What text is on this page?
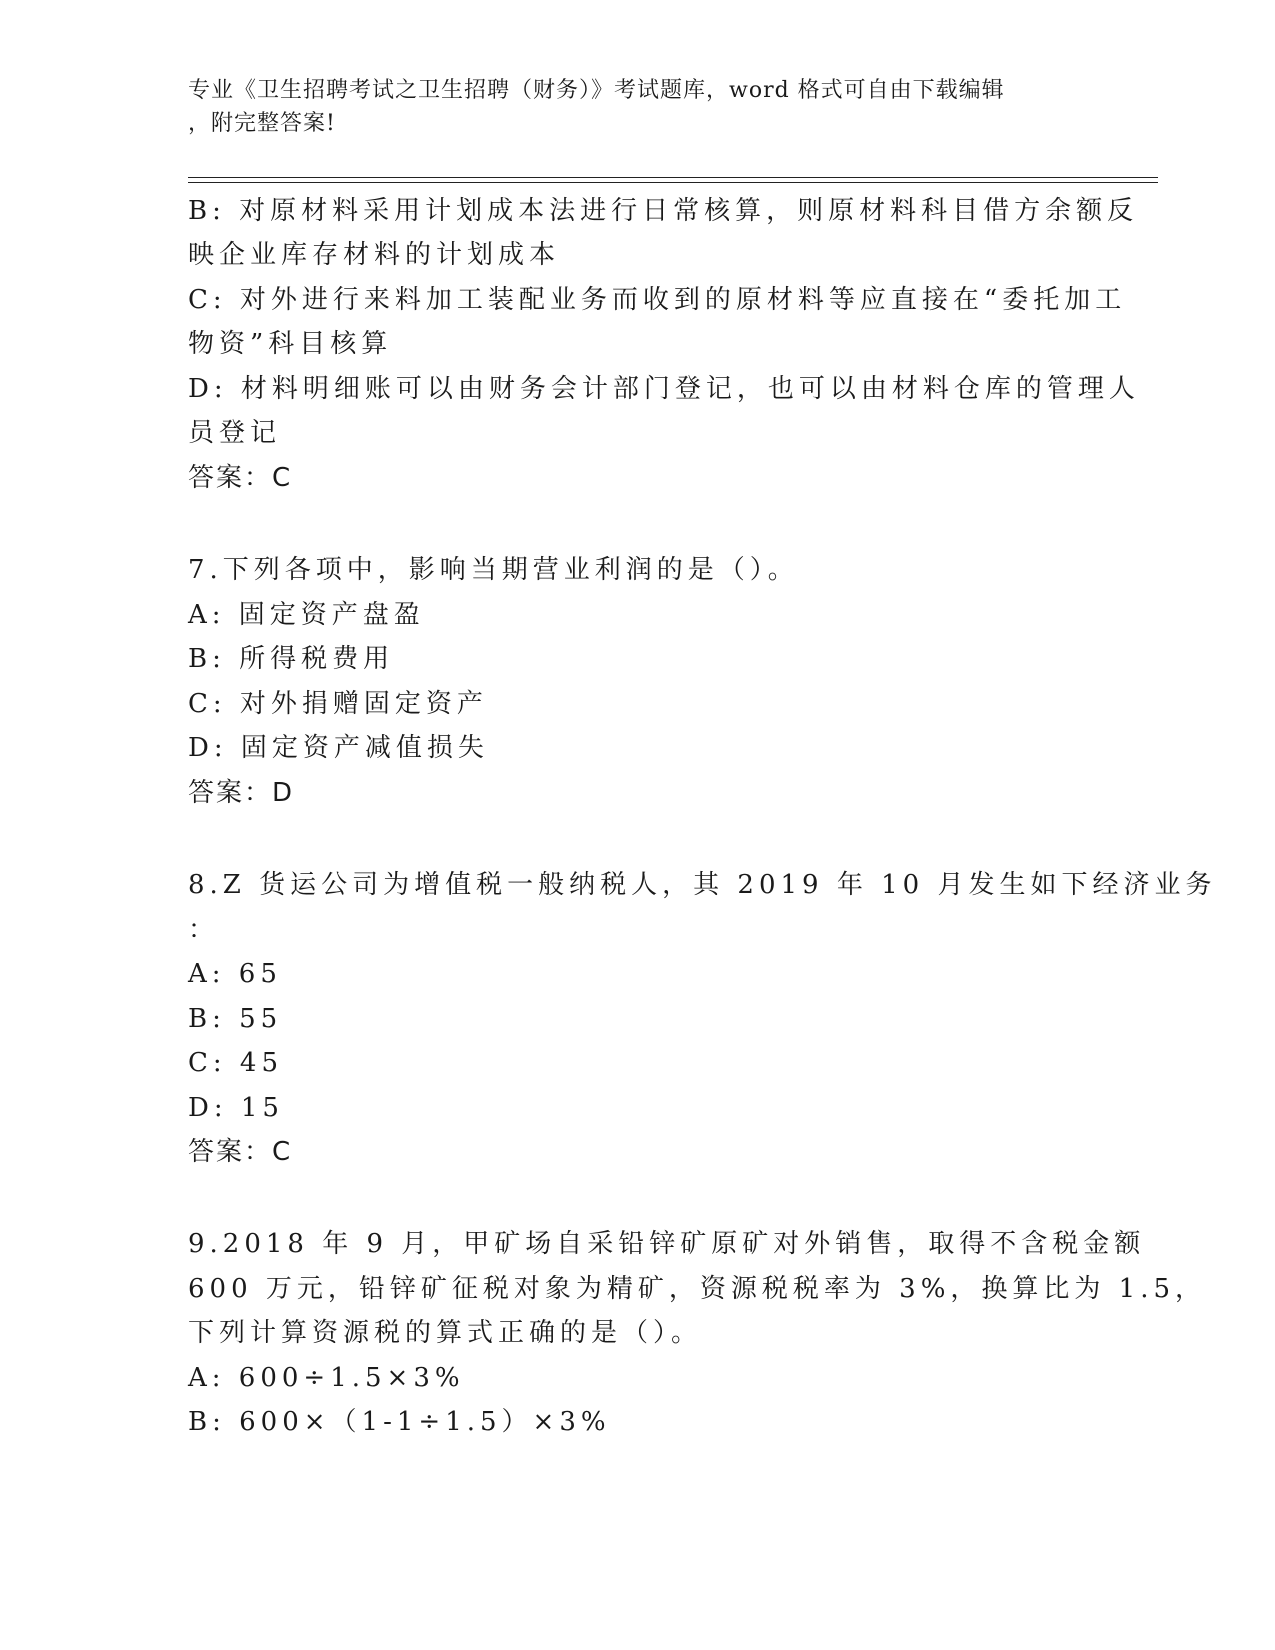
专业《卫生招聘考试之卫生招聘（财务）》考试题库，word 格式可自由下载编辑
，附完整答案!
B: 对原材料采用计划成本法进行日常核算，则原材料科目借方余额反
映企业库存材料的计划成本
C: 对外进行来料加工装配业务而收到的原材料等应直接在“委托加工
物资”科目核算
D: 材料明细账可以由财务会计部门登记，也可以由材料仓库的管理人
员登记
答案：C
7.下列各项中，影响当期营业利润的是（）。
A: 固定资产盘盈
B: 所得税费用
C: 对外捐赠固定资产
D: 固定资产减值损失
答案：D
8.Z 货运公司为增值税一般纳税人，其 2019 年 10 月发生如下经济业务
：
A: 65
B: 55
C: 45
D: 15
答案：C
9.2018 年 9 月，甲矿场自采铅锌矿原矿对外销售，取得不含税金额
600 万元，铅锌矿征税对象为精矿，资源税税率为 3%，换算比为 1.5，
下列计算资源税的算式正确的是（）。
A: 600÷1.5×3%
B: 600×（1-1÷1.5）×3%
